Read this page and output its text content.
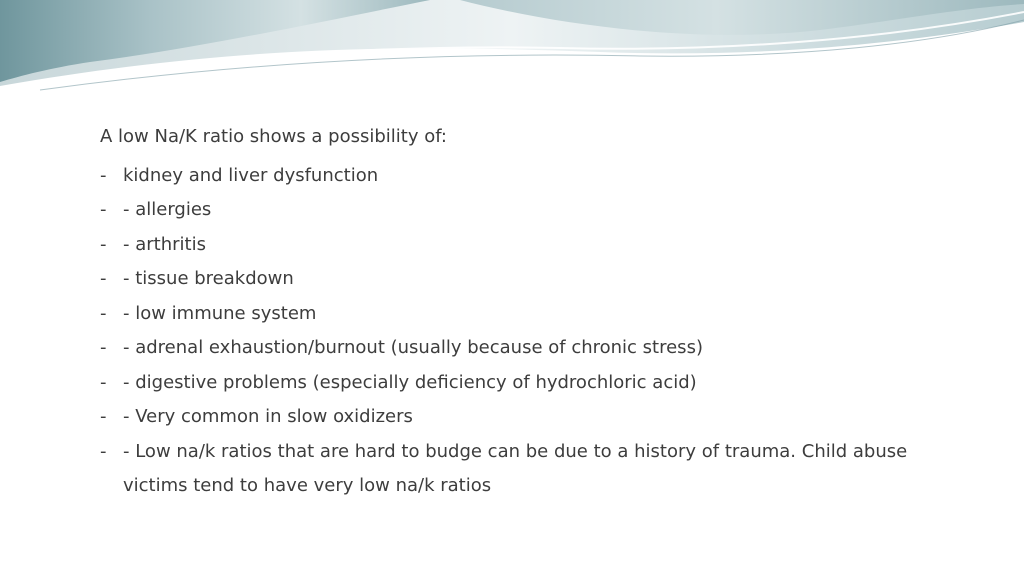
A low Na/K ratio shows a possibility of:
- kidney and liver dysfunction
- - allergies
- - arthritis
- - tissue breakdown
- - low immune system
- - adrenal exhaustion/burnout (usually because of chronic stress)
- - digestive problems (especially deficiency of hydrochloric acid)
- - Very common in slow oxidizers
- - Low na/k ratios that are hard to budge can be due to a history of trauma. Child abuse victims tend to have very low na/k ratios
